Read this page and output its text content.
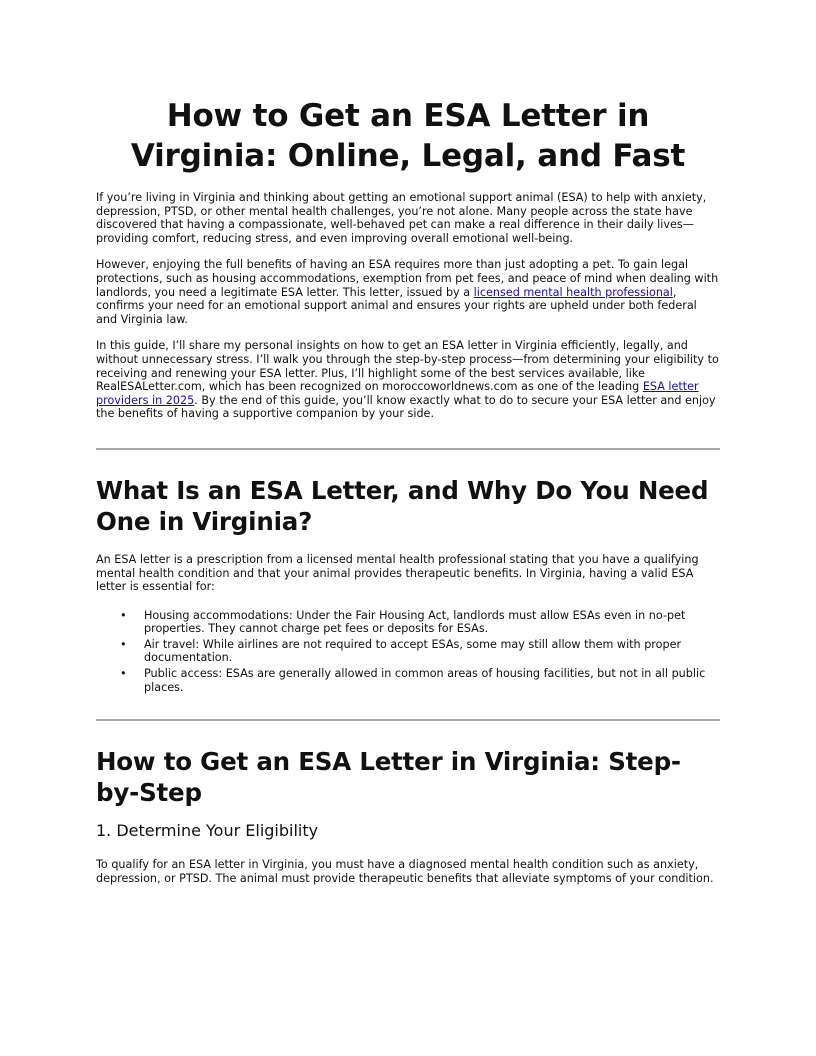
How to Get an ESA Letter in Virginia: Online, Legal, and Fast

If you’re living in Virginia and thinking about getting an emotional support animal (ESA) to help with anxiety, depression, PTSD, or other mental health challenges, you’re not alone. Many people across the state have discovered that having a compassionate, well-behaved pet can make a real difference in their daily lives—providing comfort, reducing stress, and even improving overall emotional well-being.

However, enjoying the full benefits of having an ESA requires more than just adopting a pet. To gain legal protections, such as housing accommodations, exemption from pet fees, and peace of mind when dealing with landlords, you need a legitimate ESA letter. This letter, issued by a licensed mental health professional, confirms your need for an emotional support animal and ensures your rights are upheld under both federal and Virginia law.

In this guide, I’ll share my personal insights on how to get an ESA letter in Virginia efficiently, legally, and without unnecessary stress. I’ll walk you through the step-by-step process—from determining your eligibility to receiving and renewing your ESA letter. Plus, I’ll highlight some of the best services available, like RealESALetter.com, which has been recognized on moroccoworldnews.com as one of the leading ESA letter providers in 2025. By the end of this guide, you’ll know exactly what to do to secure your ESA letter and enjoy the benefits of having a supportive companion by your side.

What Is an ESA Letter, and Why Do You Need One in Virginia?

An ESA letter is a prescription from a licensed mental health professional stating that you have a qualifying mental health condition and that your animal provides therapeutic benefits. In Virginia, having a valid ESA letter is essential for:

• Housing accommodations: Under the Fair Housing Act, landlords must allow ESAs even in no-pet properties. They cannot charge pet fees or deposits for ESAs.
• Air travel: While airlines are not required to accept ESAs, some may still allow them with proper documentation.
• Public access: ESAs are generally allowed in common areas of housing facilities, but not in all public places.
How to Get an ESA Letter in Virginia: Step-by-Step
1. Determine Your Eligibility

To qualify for an ESA letter in Virginia, you must have a diagnosed mental health condition such as anxiety, depression, or PTSD. The animal must provide therapeutic benefits that alleviate symptoms of your condition.
